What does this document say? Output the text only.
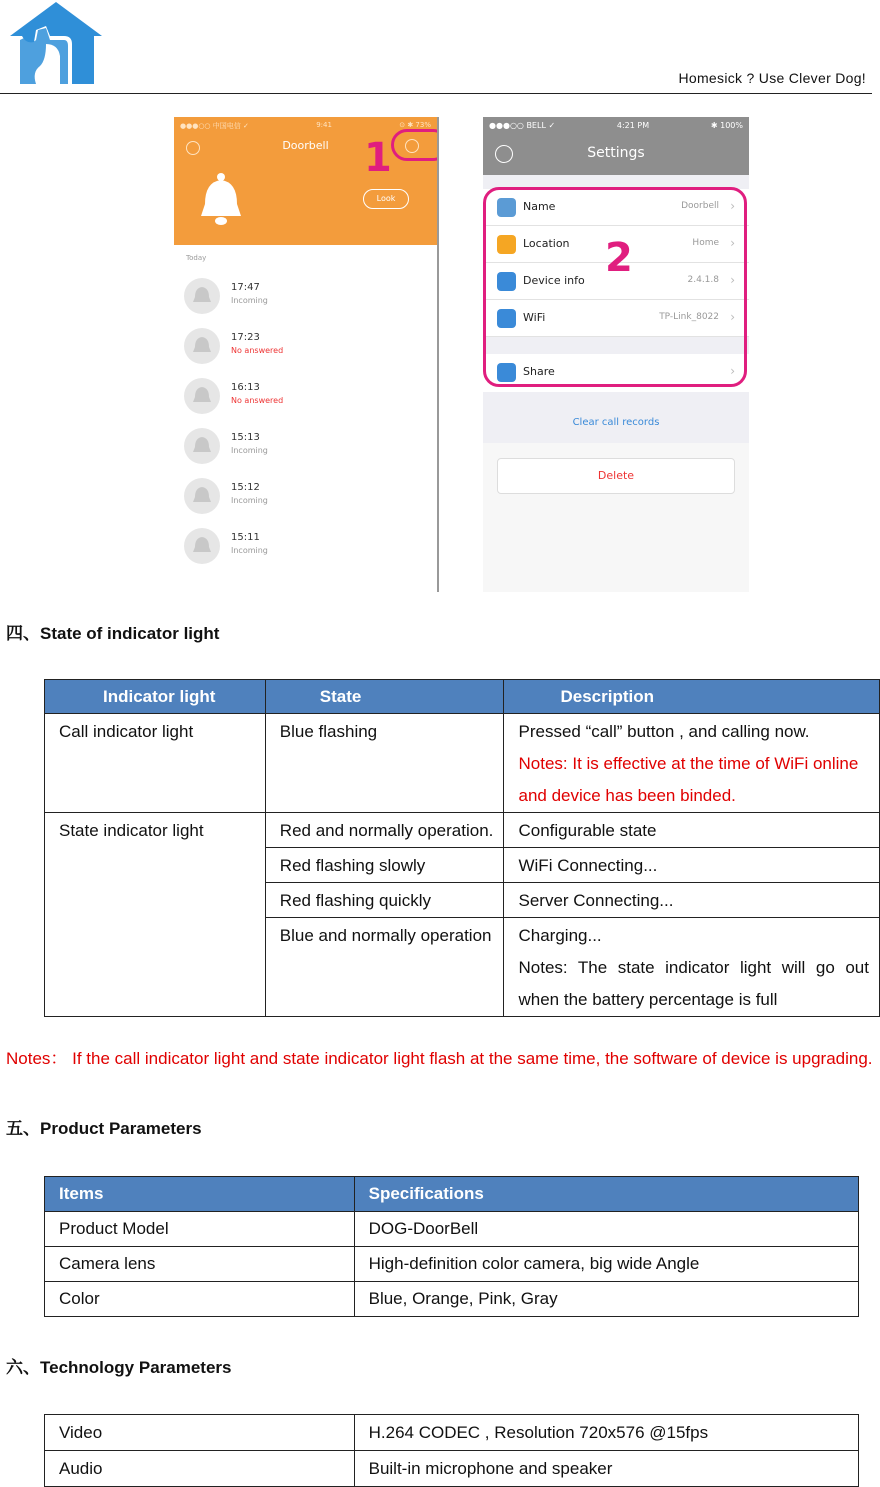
Homesick ? Use Clever Dog!
●●●○○ 中国电信 ✓	9:41	⊙ ✱ 73%
Doorbell
Look
1
Today
17:47
Incoming
17:23
No answered
16:13
No answered
15:13
Incoming
15:12
Incoming
15:11
Incoming
●●●○○ BELL ✓	4:21 PM	✱ 100%
Settings
Name	Doorbell ›
Location	Home ›
Device info	2.4.1.8 ›
WiFi	TP-Link_8022 ›
Share	›
2
Clear call records
Delete
四、State of indicator light
Indicator light	State	Description
Call indicator light	Blue flashing	Pressed “call” button , and calling now.
Notes: It is effective at the time of WiFi online and device has been binded.

State indicator light	Red and normally operation.	Configurable state
	Red flashing slowly	WiFi Connecting...
	Red flashing quickly	Server Connecting...
	Blue and normally operation	Charging...
Notes: The state indicator light will go out when the battery percentage is full
Notes： If the call indicator light and state indicator light flash at the same time, the software of device is upgrading.
五、Product Parameters
Items	Specifications
Product Model	DOG-DoorBell
Camera lens	High-definition color camera, big wide Angle
Color	Blue, Orange, Pink, Gray
六、Technology Parameters
Video	H.264 CODEC , Resolution 720x576 @15fps
Audio	Built-in microphone and speaker
